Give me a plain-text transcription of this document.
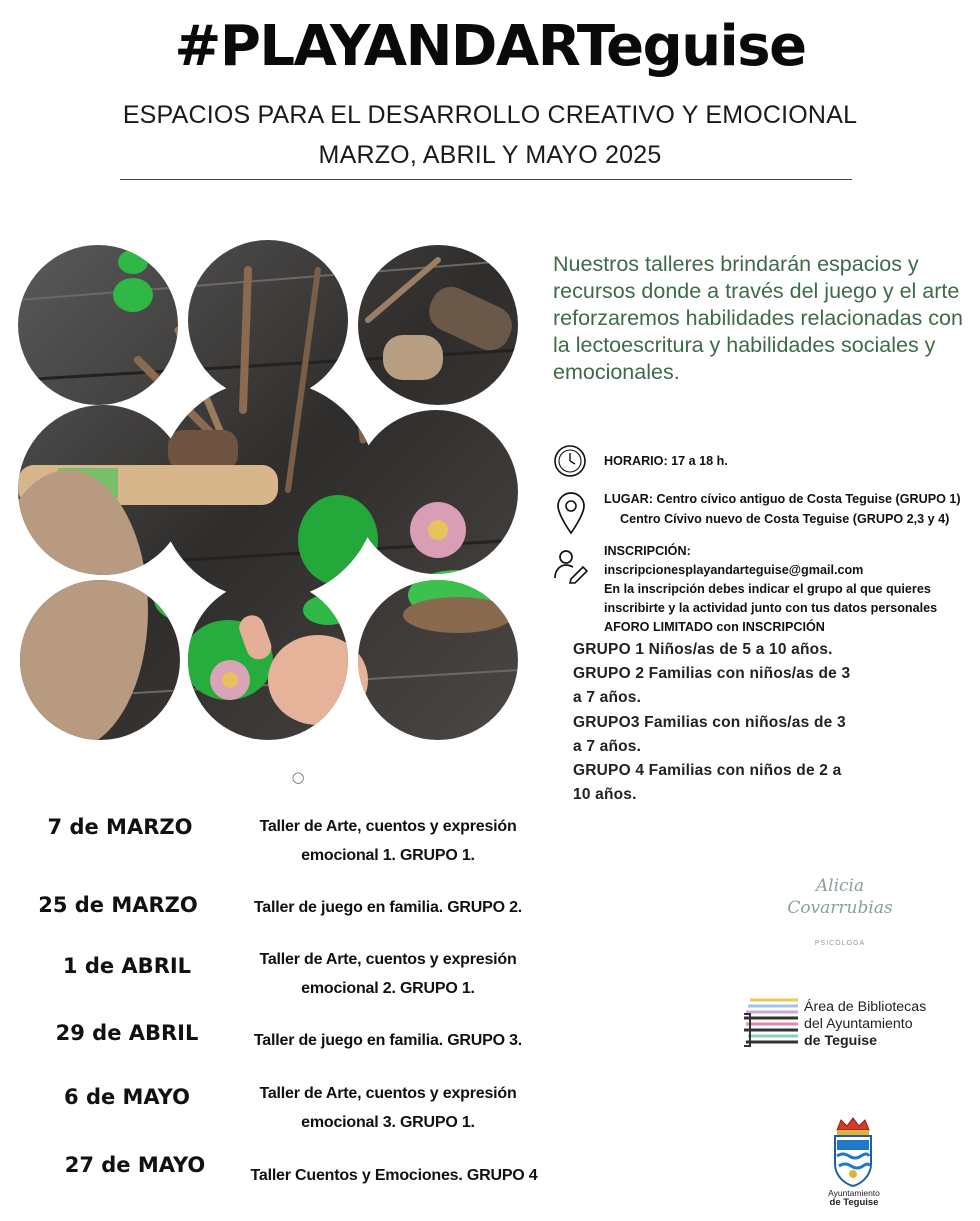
#PLAYANDARTeguise
ESPACIOS PARA EL DESARROLLO CREATIVO Y EMOCIONAL
MARZO, ABRIL Y MAYO 2025
Nuestros talleres brindarán espacios y recursos donde a través del juego y el arte reforzaremos habilidades relacionadas con la lectoescritura y habilidades sociales y emocionales.
HORARIO: 17 a 18 h.
LUGAR: Centro cívico antiguo de Costa Teguise (GRUPO 1)
Centro Cívivo nuevo de Costa Teguise (GRUPO 2,3 y 4)
INSCRIPCIÓN:
inscripcionesplayandarteguise@gmail.com
En la inscripción debes indicar el grupo al que quieres
inscribirte y la actividad junto con tus datos personales
AFORO LIMITADO con INSCRIPCIÓN
GRUPO 1 Niños/as de 5 a 10 años.
GRUPO 2 Familias con niños/as de 3
a 7 años.
GRUPO3 Familias con niños/as de 3
a 7 años.
GRUPO 4 Familias con niños de 2 a
10 años.
◯
7 de MARZO	Taller de Arte, cuentos y expresión
emocional 1. GRUPO 1.
25 de MARZO	Taller de juego en familia. GRUPO 2.
1 de ABRIL	Taller de Arte, cuentos y expresión
emocional 2. GRUPO 1.
29 de ABRIL	Taller de juego en familia. GRUPO 3.
6 de MAYO	Taller de Arte, cuentos y expresión
emocional 3. GRUPO 1.
27 de MAYO	Taller Cuentos y Emociones. GRUPO 4
Alicia
Covarrubias
PSICÓLOGA
Área de Bibliotecas
del Ayuntamiento
de Teguise
Ayuntamiento
de Teguise
